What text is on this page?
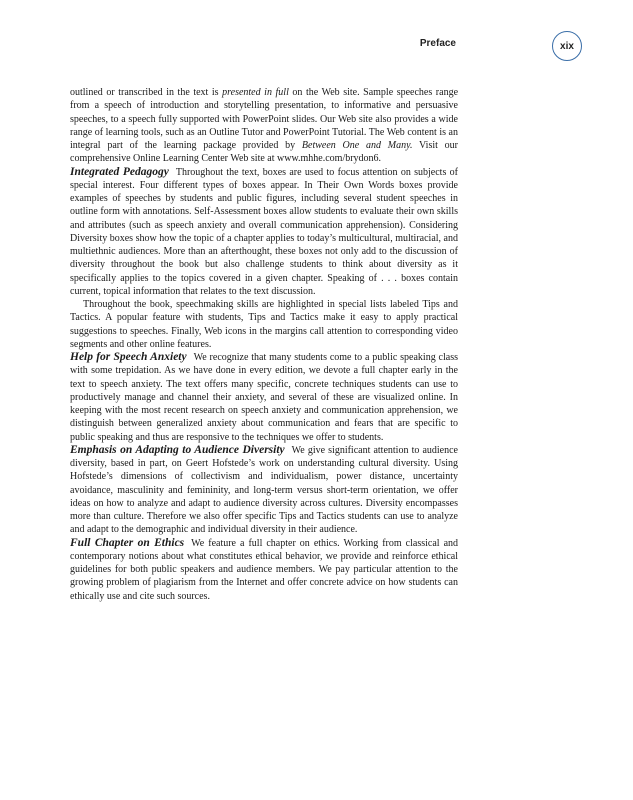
Preface	xix

outlined or transcribed in the text is presented in full on the Web site. Sample speeches range from a speech of introduction and storytelling presentation, to informative and persuasive speeches, to a speech fully supported with PowerPoint slides. Our Web site also provides a wide range of learning tools, such as an Outline Tutor and PowerPoint Tutorial. The Web content is an integral part of the learning package provided by Between One and Many. Visit our comprehensive Online Learning Center Web site at www.mhhe.com/brydon6.

Integrated Pedagogy Throughout the text, boxes are used to focus attention on subjects of special interest. Four different types of boxes appear. In Their Own Words boxes provide examples of speeches by students and public figures, including several student speeches in outline form with annotations. Self-Assessment boxes allow students to evaluate their own skills and attributes (such as speech anxiety and overall communication apprehension). Considering Diversity boxes show how the topic of a chapter applies to today’s multicultural, multiracial, and multiethnic audiences. More than an afterthought, these boxes not only add to the discussion of diversity throughout the book but also challenge students to think about diversity as it specifically applies to the topics covered in a given chapter. Speaking of . . . boxes contain current, topical information that relates to the text discussion.

Throughout the book, speechmaking skills are highlighted in special lists labeled Tips and Tactics. A popular feature with students, Tips and Tactics make it easy to apply practical suggestions to speeches. Finally, Web icons in the margins call attention to corresponding video segments and other online features.

Help for Speech Anxiety We recognize that many students come to a public speaking class with some trepidation. As we have done in every edition, we devote a full chapter early in the text to speech anxiety. The text offers many specific, concrete techniques students can use to productively manage and channel their anxiety, and several of these are visualized online. In keeping with the most recent research on speech anxiety and communication apprehension, we distinguish between generalized anxiety about communication and fears that are specific to public speaking and thus are responsive to the techniques we offer to students.

Emphasis on Adapting to Audience Diversity We give significant attention to audience diversity, based in part, on Geert Hofstede’s work on understanding cultural diversity. Using Hofstede’s dimensions of collectivism and individualism, power distance, uncertainty avoidance, masculinity and femininity, and long-term versus short-term orientation, we offer ideas on how to analyze and adapt to audience diversity across cultures. Diversity encompasses more than culture. Therefore we also offer specific Tips and Tactics students can use to analyze and adapt to the demographic and individual diversity in their audience.

Full Chapter on Ethics We feature a full chapter on ethics. Working from classical and contemporary notions about what constitutes ethical behavior, we provide and reinforce ethical guidelines for both public speakers and audience members. We pay particular attention to the growing problem of plagiarism from the Internet and offer concrete advice on how students can ethically use and cite such sources.
